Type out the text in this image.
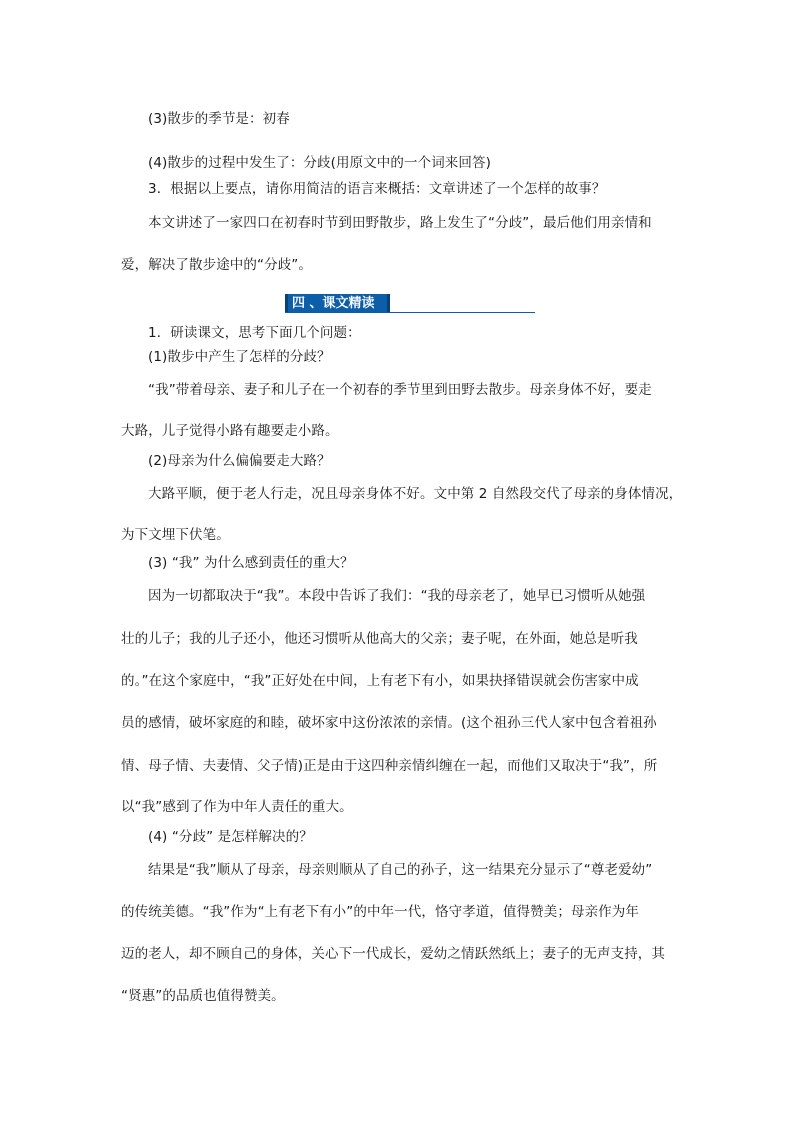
(3)散步的季节是：初春
(4)散步的过程中发生了：分歧(用原文中的一个词来回答)
3．根据以上要点，请你用简洁的语言来概括：文章讲述了一个怎样的故事？
本文讲述了一家四口在初春时节到田野散步，路上发生了“分歧”，最后他们用亲情和
爱，解决了散步途中的“分歧”。
四 、课文精读
1．研读课文，思考下面几个问题：
(1)散步中产生了怎样的分歧？
“我”带着母亲、妻子和儿子在一个初春的季节里到田野去散步。母亲身体不好，要走
大路，儿子觉得小路有趣要走小路。
(2)母亲为什么偏偏要走大路？
大路平顺，便于老人行走，况且母亲身体不好。文中第 2 自然段交代了母亲的身体情况，
为下文埋下伏笔。
(3) “我” 为什么感到责任的重大？
因为一切都取决于“我”。本段中告诉了我们：“我的母亲老了，她早已习惯听从她强
壮的儿子；我的儿子还小，他还习惯听从他高大的父亲；妻子呢，在外面，她总是听我
的。”在这个家庭中，“我”正好处在中间，上有老下有小，如果抉择错误就会伤害家中成
员的感情，破坏家庭的和睦，破坏家中这份浓浓的亲情。(这个祖孙三代人家中包含着祖孙
情、母子情、夫妻情、父子情)正是由于这四种亲情纠缠在一起，而他们又取决于“我”，所
以“我”感到了作为中年人责任的重大。
(4) “分歧” 是怎样解决的？
结果是“我”顺从了母亲，母亲则顺从了自己的孙子，这一结果充分显示了“尊老爱幼”
的传统美德。“我”作为“上有老下有小”的中年一代，恪守孝道，值得赞美；母亲作为年
迈的老人，却不顾自己的身体，关心下一代成长，爱幼之情跃然纸上；妻子的无声支持，其
“贤惠”的品质也值得赞美。
